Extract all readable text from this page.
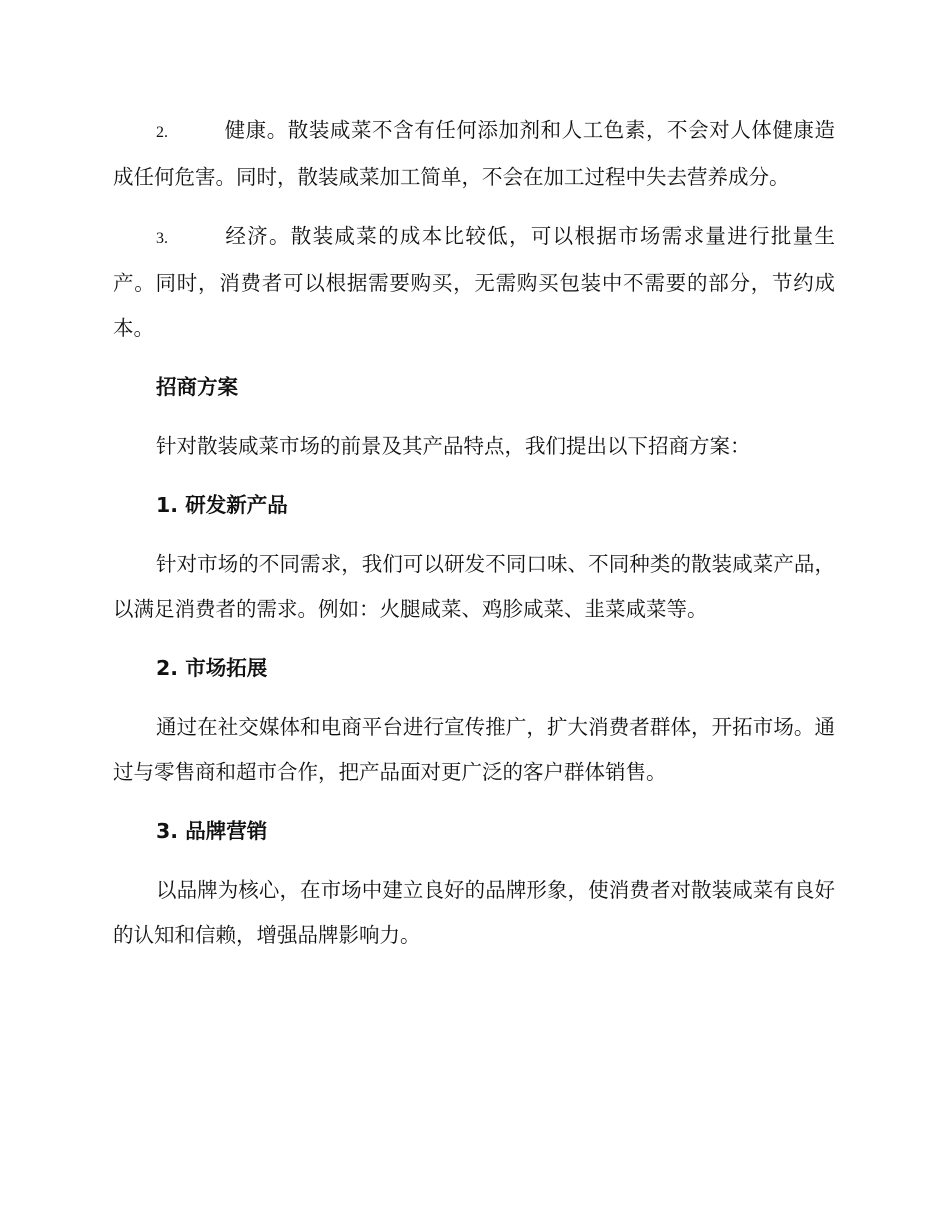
2.	健康。散装咸菜不含有任何添加剂和人工色素，不会对人体健康造成任何危害。同时，散装咸菜加工简单，不会在加工过程中失去营养成分。

3.	经济。散装咸菜的成本比较低，可以根据市场需求量进行批量生产。同时，消费者可以根据需要购买，无需购买包装中不需要的部分，节约成本。

招商方案

针对散装咸菜市场的前景及其产品特点，我们提出以下招商方案：

1. 研发新产品

针对市场的不同需求，我们可以研发不同口味、不同种类的散装咸菜产品，以满足消费者的需求。例如：火腿咸菜、鸡胗咸菜、韭菜咸菜等。

2. 市场拓展

通过在社交媒体和电商平台进行宣传推广，扩大消费者群体，开拓市场。通过与零售商和超市合作，把产品面对更广泛的客户群体销售。

3. 品牌营销

以品牌为核心，在市场中建立良好的品牌形象，使消费者对散装咸菜有良好的认知和信赖，增强品牌影响力。
